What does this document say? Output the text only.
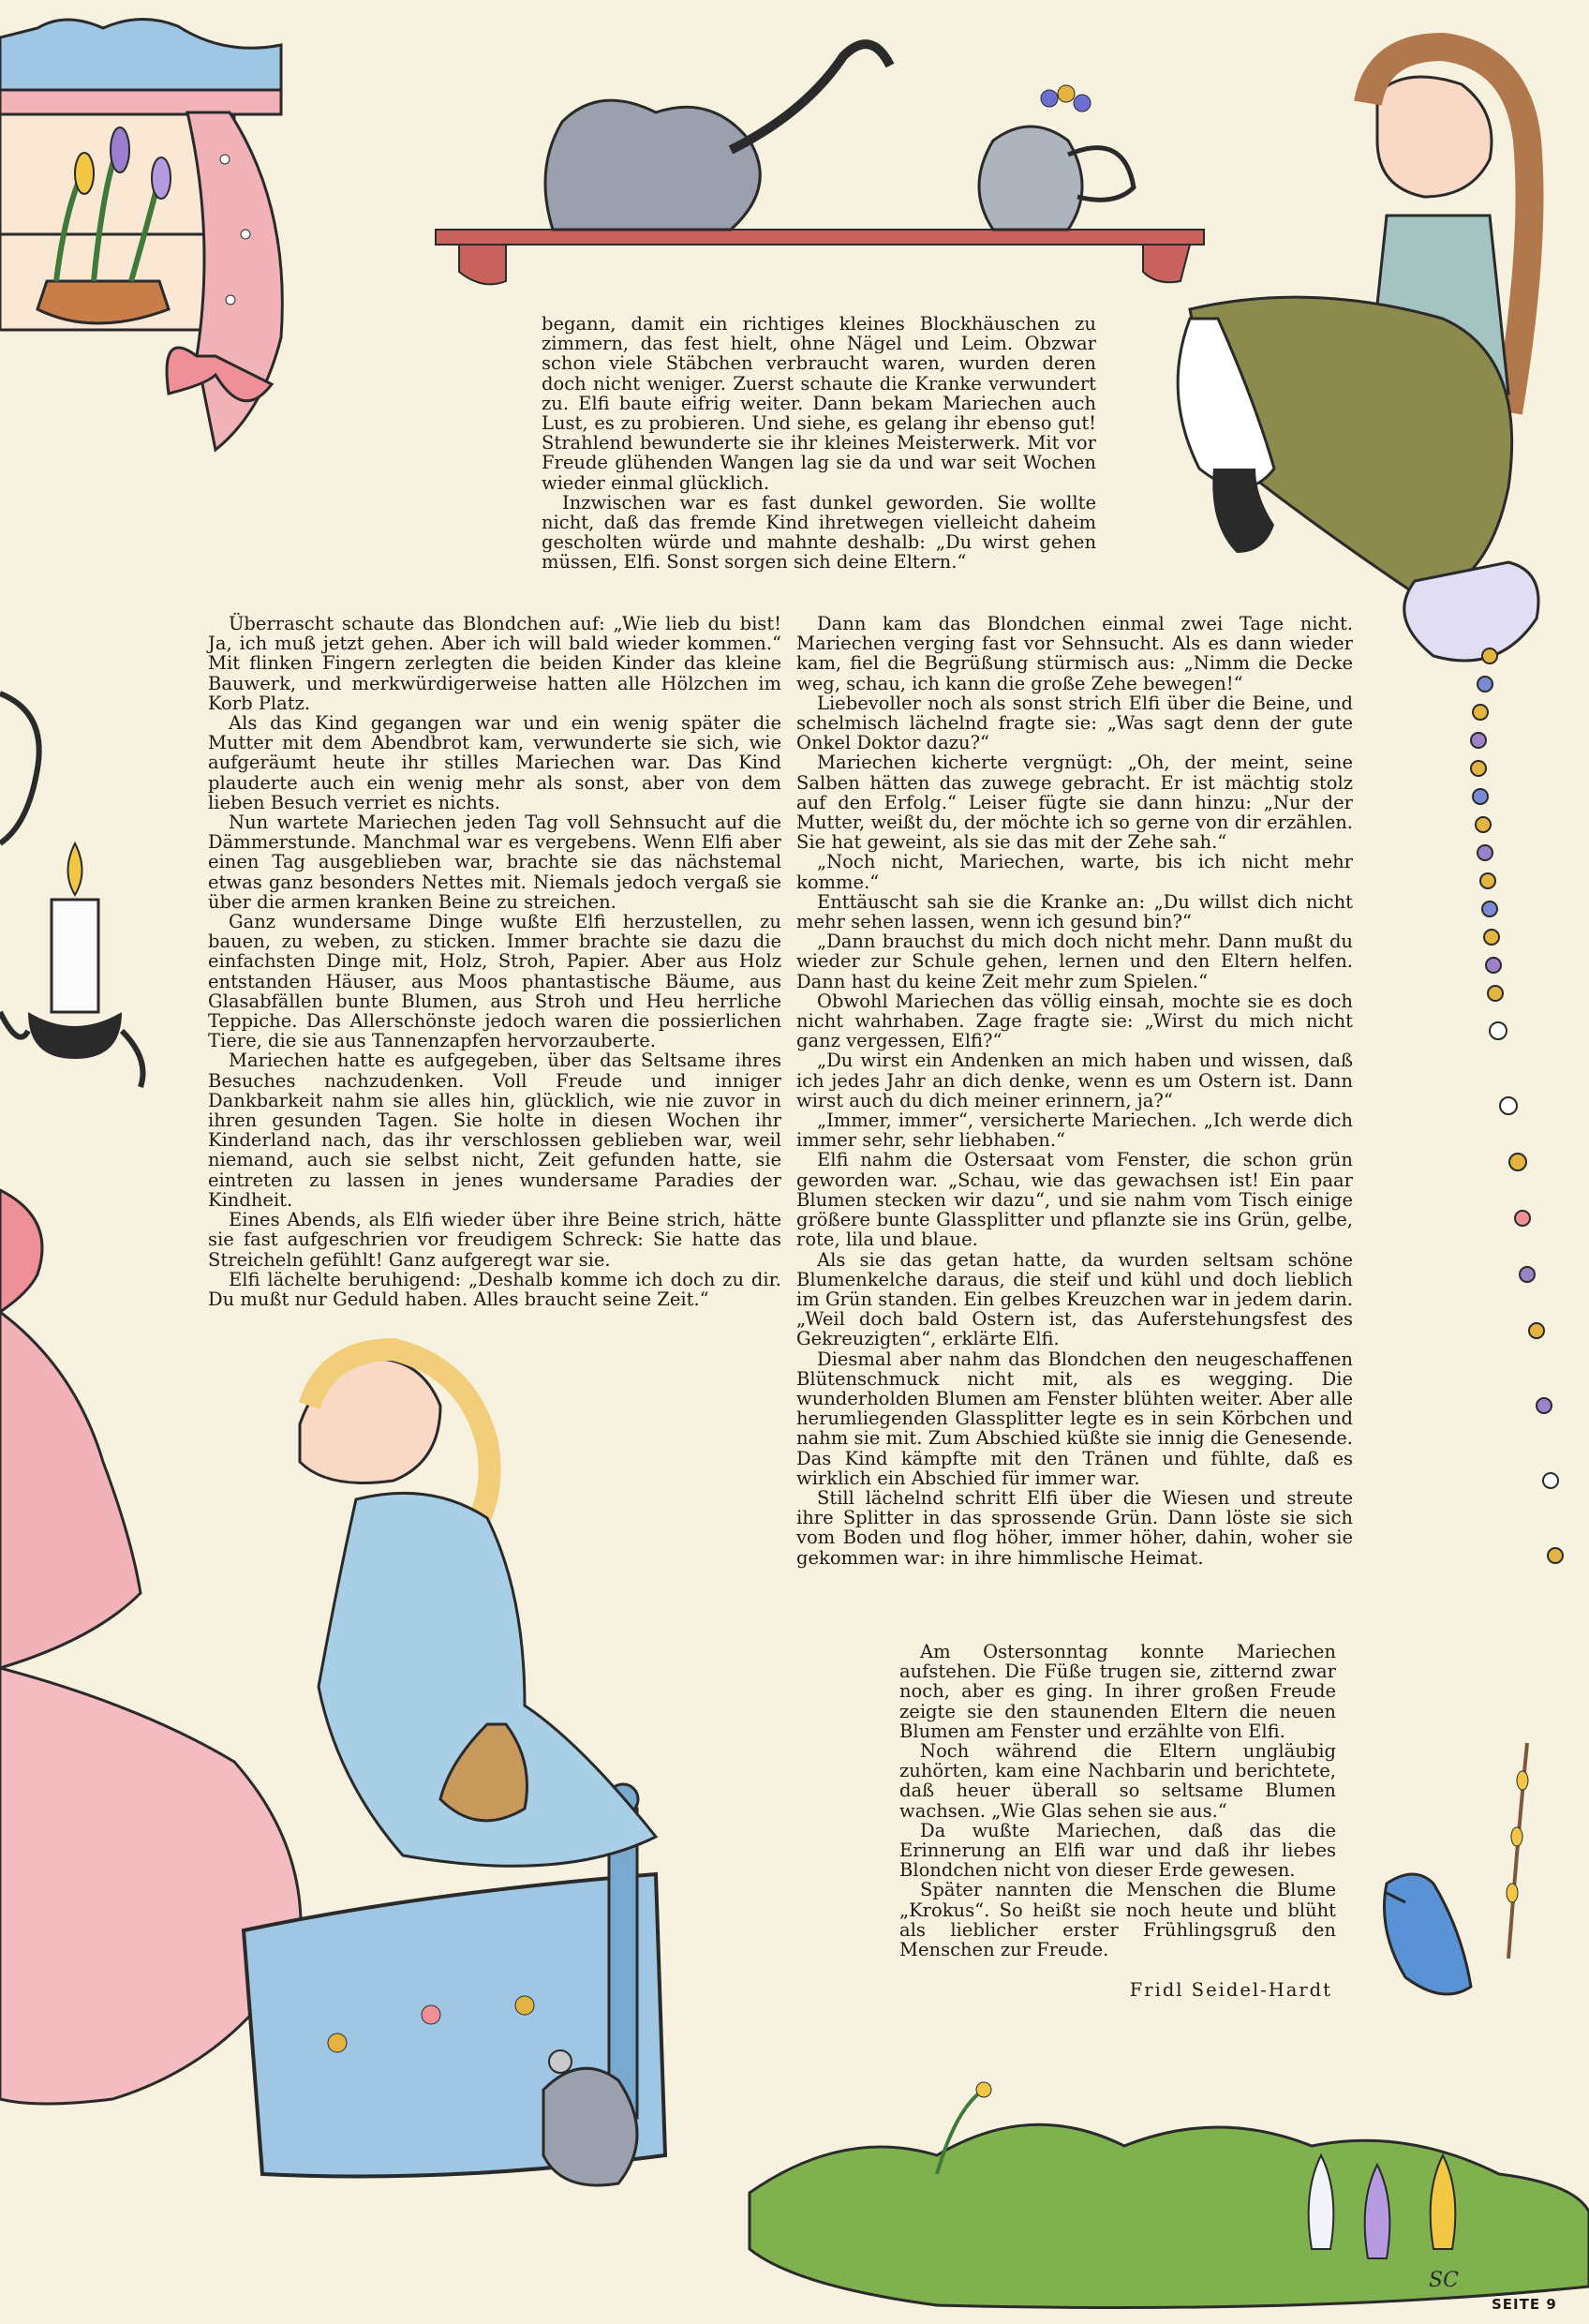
SC

begann, damit ein richtiges kleines Blockhäuschen zu zimmern, das fest hielt, ohne Nägel und Leim. Obzwar schon viele Stäbchen verbraucht waren, wurden deren doch nicht weniger. Zuerst schaute die Kranke verwundert zu. Elfi baute eifrig weiter. Dann bekam Mariechen auch Lust, es zu probieren. Und siehe, es gelang ihr ebenso gut! Strahlend bewunderte sie ihr kleines Meisterwerk. Mit vor Freude glühenden Wangen lag sie da und war seit Wochen wieder einmal glücklich.

Inzwischen war es fast dunkel geworden. Sie wollte nicht, daß das fremde Kind ihretwegen vielleicht daheim gescholten würde und mahnte deshalb: „Du wirst gehen müssen, Elfi. Sonst sorgen sich deine Eltern.“

Überrascht schaute das Blondchen auf: „Wie lieb du bist! Ja, ich muß jetzt gehen. Aber ich will bald wieder kommen.“ Mit flinken Fingern zerlegten die beiden Kinder das kleine Bauwerk, und merkwürdigerweise hatten alle Hölzchen im Korb Platz.

Als das Kind gegangen war und ein wenig später die Mutter mit dem Abendbrot kam, verwunderte sie sich, wie aufgeräumt heute ihr stilles Mariechen war. Das Kind plauderte auch ein wenig mehr als sonst, aber von dem lieben Besuch verriet es nichts.

Nun wartete Mariechen jeden Tag voll Sehnsucht auf die Dämmerstunde. Manchmal war es vergebens. Wenn Elfi aber einen Tag ausgeblieben war, brachte sie das nächstemal etwas ganz besonders Nettes mit. Niemals jedoch vergaß sie über die armen kranken Beine zu streichen.

Ganz wundersame Dinge wußte Elfi herzustellen, zu bauen, zu weben, zu sticken. Immer brachte sie dazu die einfachsten Dinge mit, Holz, Stroh, Papier. Aber aus Holz entstanden Häuser, aus Moos phantastische Bäume, aus Glasabfällen bunte Blumen, aus Stroh und Heu herrliche Teppiche. Das Allerschönste jedoch waren die possierlichen Tiere, die sie aus Tannenzapfen hervorzauberte.

Mariechen hatte es aufgegeben, über das Seltsame ihres Besuches nachzudenken. Voll Freude und inniger Dankbarkeit nahm sie alles hin, glücklich, wie nie zuvor in ihren gesunden Tagen. Sie holte in diesen Wochen ihr Kinderland nach, das ihr verschlossen geblieben war, weil niemand, auch sie selbst nicht, Zeit gefunden hatte, sie eintreten zu lassen in jenes wundersame Paradies der Kindheit.

Eines Abends, als Elfi wieder über ihre Beine strich, hätte sie fast aufgeschrien vor freudigem Schreck: Sie hatte das Streicheln gefühlt! Ganz aufgeregt war sie.

Elfi lächelte beruhigend: „Deshalb komme ich doch zu dir. Du mußt nur Geduld haben. Alles braucht seine Zeit.“

Dann kam das Blondchen einmal zwei Tage nicht. Mariechen verging fast vor Sehnsucht. Als es dann wieder kam, fiel die Begrüßung stürmisch aus: „Nimm die Decke weg, schau, ich kann die große Zehe bewegen!“

Liebevoller noch als sonst strich Elfi über die Beine, und schelmisch lächelnd fragte sie: „Was sagt denn der gute Onkel Doktor dazu?“

Mariechen kicherte vergnügt: „Oh, der meint, seine Salben hätten das zuwege gebracht. Er ist mächtig stolz auf den Erfolg.“ Leiser fügte sie dann hinzu: „Nur der Mutter, weißt du, der möchte ich so gerne von dir erzählen. Sie hat geweint, als sie das mit der Zehe sah.“

„Noch nicht, Mariechen, warte, bis ich nicht mehr komme.“

Enttäuscht sah sie die Kranke an: „Du willst dich nicht mehr sehen lassen, wenn ich gesund bin?“

„Dann brauchst du mich doch nicht mehr. Dann mußt du wieder zur Schule gehen, lernen und den Eltern helfen. Dann hast du keine Zeit mehr zum Spielen.“

Obwohl Mariechen das völlig einsah, mochte sie es doch nicht wahrhaben. Zage fragte sie: „Wirst du mich nicht ganz vergessen, Elfi?“

„Du wirst ein Andenken an mich haben und wissen, daß ich jedes Jahr an dich denke, wenn es um Ostern ist. Dann wirst auch du dich meiner erinnern, ja?“

„Immer, immer“, versicherte Mariechen. „Ich werde dich immer sehr, sehr liebhaben.“

Elfi nahm die Ostersaat vom Fenster, die schon grün geworden war. „Schau, wie das gewachsen ist! Ein paar Blumen stecken wir dazu“, und sie nahm vom Tisch einige größere bunte Glassplitter und pflanzte sie ins Grün, gelbe, rote, lila und blaue.

Als sie das getan hatte, da wurden seltsam schöne Blumenkelche daraus, die steif und kühl und doch lieblich im Grün standen. Ein gelbes Kreuzchen war in jedem darin. „Weil doch bald Ostern ist, das Auferstehungsfest des Gekreuzigten“, erklärte Elfi.

Diesmal aber nahm das Blondchen den neugeschaffenen Blütenschmuck nicht mit, als es wegging. Die wunderholden Blumen am Fenster blühten weiter. Aber alle herumliegenden Glassplitter legte es in sein Körbchen und nahm sie mit. Zum Abschied küßte sie innig die Genesende. Das Kind kämpfte mit den Tränen und fühlte, daß es wirklich ein Abschied für immer war.

Still lächelnd schritt Elfi über die Wiesen und streute ihre Splitter in das sprossende Grün. Dann löste sie sich vom Boden und flog höher, immer höher, dahin, woher sie gekommen war: in ihre himmlische Heimat.

Am Ostersonntag konnte Mariechen aufstehen. Die Füße trugen sie, zitternd zwar noch, aber es ging. In ihrer großen Freude zeigte sie den staunenden Eltern die neuen Blumen am Fenster und erzählte von Elfi.

Noch während die Eltern ungläubig zuhörten, kam eine Nachbarin und berichtete, daß heuer überall so seltsame Blumen wachsen. „Wie Glas sehen sie aus.“

Da wußte Mariechen, daß das die Erinnerung an Elfi war und daß ihr liebes Blondchen nicht von dieser Erde gewesen.

Später nannten die Menschen die Blume „Krokus“. So heißt sie noch heute und blüht als lieblicher erster Frühlingsgruß den Menschen zur Freude.

Fridl Seidel-Hardt
SEITE 9
